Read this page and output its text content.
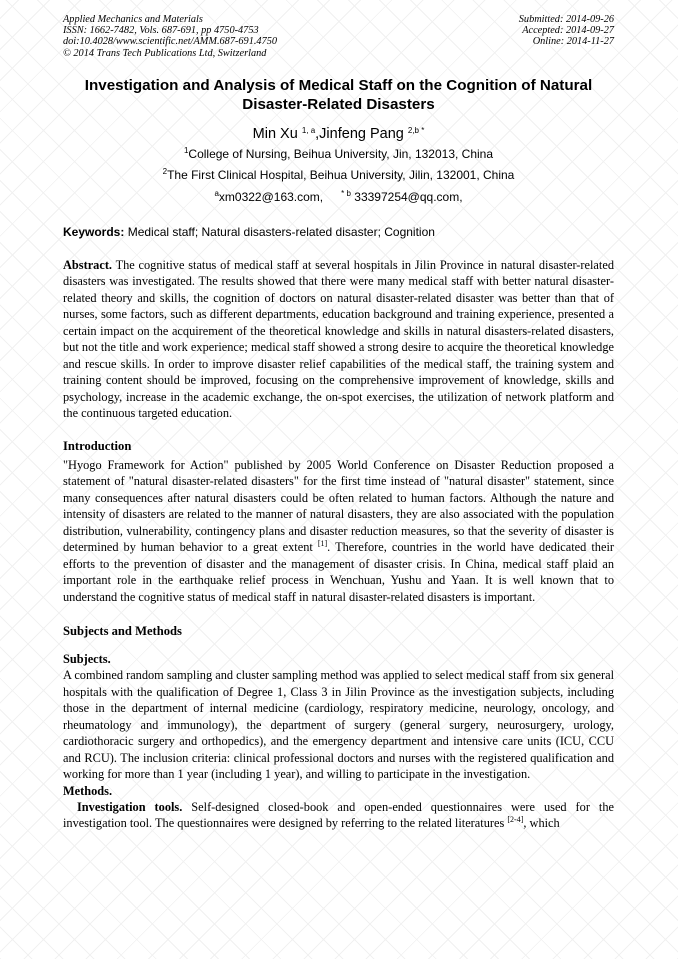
Applied Mechanics and Materials
ISSN: 1662-7482, Vols. 687-691, pp 4750-4753
doi:10.4028/www.scientific.net/AMM.687-691.4750
© 2014 Trans Tech Publications Ltd, Switzerland
Submitted: 2014-09-26
Accepted: 2014-09-27
Online: 2014-11-27
Investigation and Analysis of Medical Staff on the Cognition of Natural Disaster-Related Disasters
Min Xu $^{1, a}$,Jinfeng Pang $^{2,b *}$
$^1$College of Nursing, Beihua University, Jin, 132013, China
$^2$The First Clinical Hospital, Beihua University, Jilin, 132001, China
$^a$xm0322@163.com, $^{* b}$ 33397254@qq.com,
Keywords: Medical staff; Natural disasters-related disaster; Cognition

Abstract. The cognitive status of medical staff at several hospitals in Jilin Province in natural disaster-related disasters was investigated. The results showed that there were many medical staff with better natural disaster-related theory and skills, the cognition of doctors on natural disaster-related disaster was better than that of nurses, some factors, such as different departments, education background and training experience, presented a certain impact on the acquirement of the theoretical knowledge and skills in natural disasters-related disasters, but not the title and work experience; medical staff showed a strong desire to acquire the theoretical knowledge and rescue skills. In order to improve disaster relief capabilities of the medical staff, the training system and training content should be improved, focusing on the comprehensive improvement of knowledge, skills and psychology, increase in the academic exchange, the on-spot exercises, the utilization of network platform and the continuous targeted education.

Introduction

"Hyogo Framework for Action" published by 2005 World Conference on Disaster Reduction proposed a statement of "natural disaster-related disasters" for the first time instead of "natural disaster" statement, since many consequences after natural disasters could be often related to human factors. Although the nature and intensity of disasters are related to the manner of natural disasters, they are also associated with the population distribution, vulnerability, contingency plans and disaster reduction measures, so that the severity of disaster is determined by human behavior to a great extent [1]. Therefore, countries in the world have dedicated their efforts to the prevention of disaster and the management of disaster crisis. In China, medical staff plaid an important role in the earthquake relief process in Wenchuan, Yushu and Yaan. It is well known that to understand the cognitive status of medical staff in natural disaster-related disasters is important.

Subjects and Methods
Subjects.

A combined random sampling and cluster sampling method was applied to select medical staff from six general hospitals with the qualification of Degree 1, Class 3 in Jilin Province as the investigation subjects, including those in the department of internal medicine (cardiology, respiratory medicine, neurology, oncology, and rheumatology and immunology), the department of surgery (general surgery, neurosurgery, urology, cardiothoracic surgery and orthopedics), and the emergency department and intensive care units (ICU, CCU and RCU). The inclusion criteria: clinical professional doctors and nurses with the registered qualification and working for more than 1 year (including 1 year), and willing to participate in the investigation.

Methods.

Investigation tools. Self-designed closed-book and open-ended questionnaires were used for the investigation tool. The questionnaires were designed by referring to the related literatures [2-4], which
